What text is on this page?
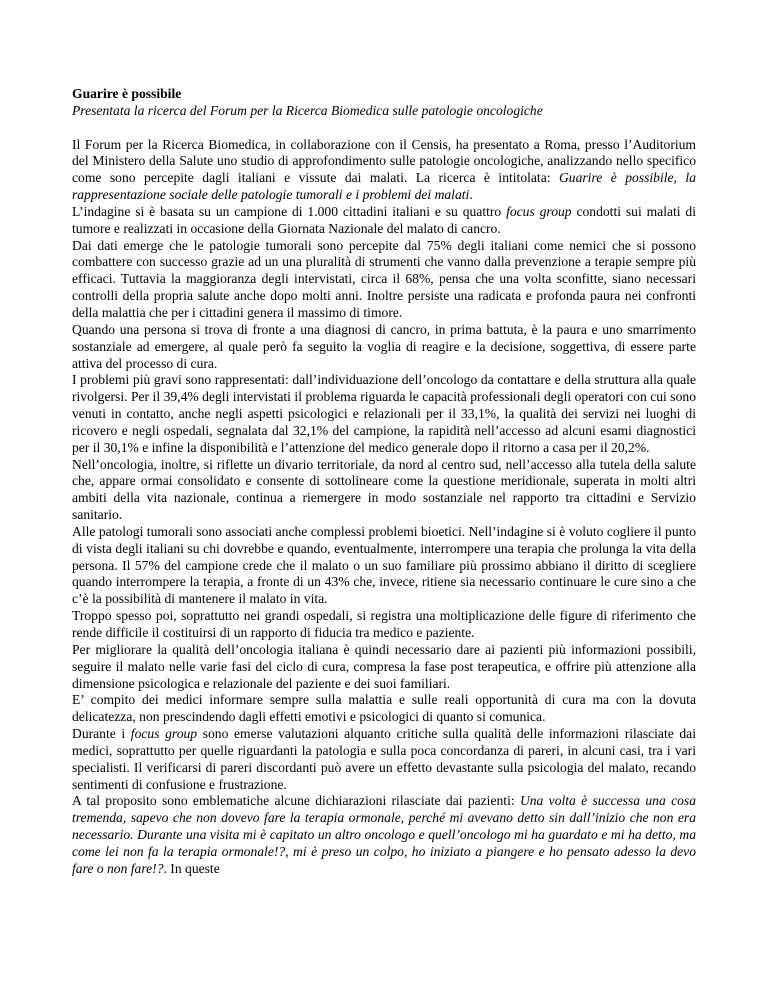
Guarire è possibile

Presentata la ricerca del Forum per la Ricerca Biomedica sulle patologie oncologiche

Il Forum per la Ricerca Biomedica, in collaborazione con il Censis, ha presentato a Roma, presso l’Auditorium del Ministero della Salute uno studio di approfondimento sulle patologie oncologiche, analizzando nello specifico come sono percepite dagli italiani e vissute dai malati. La ricerca è intitolata: Guarire è possibile, la rappresentazione sociale delle patologie tumorali e i problemi dei malati.

L’indagine si è basata su un campione di 1.000 cittadini italiani e su quattro focus group condotti sui malati di tumore e realizzati in occasione della Giornata Nazionale del malato di cancro.

Dai dati emerge che le patologie tumorali sono percepite dal 75% degli italiani come nemici che si possono combattere con successo grazie ad un una pluralità di strumenti che vanno dalla prevenzione a terapie sempre più efficaci. Tuttavia la maggioranza degli intervistati, circa il 68%, pensa che una volta sconfitte, siano necessari controlli della propria salute anche dopo molti anni. Inoltre persiste una radicata e profonda paura nei confronti della malattia che per i cittadini genera il massimo di timore.

Quando una persona si trova di fronte a una diagnosi di cancro, in prima battuta, è la paura e uno smarrimento sostanziale ad emergere, al quale però fa seguito la voglia di reagire e la decisione, soggettiva, di essere parte attiva del processo di cura.

I problemi più gravi sono rappresentati: dall’individuazione dell’oncologo da contattare e della struttura alla quale rivolgersi. Per il 39,4% degli intervistati il problema riguarda le capacità professionali degli operatori con cui sono venuti in contatto, anche negli aspetti psicologici e relazionali per il 33,1%, la qualità dei servizi nei luoghi di ricovero e negli ospedali, segnalata dal 32,1% del campione, la rapidità nell’accesso ad alcuni esami diagnostici per il 30,1% e infine la disponibilità e l’attenzione del medico generale dopo il ritorno a casa per il 20,2%.

Nell’oncologia, inoltre, si riflette un divario territoriale, da nord al centro sud, nell’accesso alla tutela della salute che, appare ormai consolidato e consente di sottolineare come la questione meridionale, superata in molti altri ambiti della vita nazionale, continua a riemergere in modo sostanziale nel rapporto tra cittadini e Servizio sanitario.

Alle patologi tumorali sono associati anche complessi problemi bioetici. Nell’indagine si è voluto cogliere il punto di vista degli italiani su chi dovrebbe e quando, eventualmente, interrompere una terapia che prolunga la vita della persona. Il 57% del campione crede che il malato o un suo familiare più prossimo abbiano il diritto di scegliere quando interrompere la terapia, a fronte di un 43% che, invece, ritiene sia necessario continuare le cure sino a che c’è la possibilità di mantenere il malato in vita.

Troppo spesso poi, soprattutto nei grandi ospedali, si registra una moltiplicazione delle figure di riferimento che rende difficile il costituirsi di un rapporto di fiducia tra medico e paziente.

Per migliorare la qualità dell’oncologia italiana è quindi necessario dare ai pazienti più informazioni possibili, seguire il malato nelle varie fasi del ciclo di cura, compresa la fase post terapeutica, e offrire più attenzione alla dimensione psicologica e relazionale del paziente e dei suoi familiari.

E’ compito dei medici informare sempre sulla malattia e sulle reali opportunità di cura ma con la dovuta delicatezza, non prescindendo dagli effetti emotivi e psicologici di quanto si comunica.

Durante i focus group sono emerse valutazioni alquanto critiche sulla qualità delle informazioni rilasciate dai medici, soprattutto per quelle riguardanti la patologia e sulla poca concordanza di pareri, in alcuni casi, tra i vari specialisti. Il verificarsi di pareri discordanti può avere un effetto devastante sulla psicologia del malato, recando sentimenti di confusione e frustrazione.

A tal proposito sono emblematiche alcune dichiarazioni rilasciate dai pazienti: Una volta è successa una cosa tremenda, sapevo che non dovevo fare la terapia ormonale, perché mi avevano detto sin dall’inizio che non era necessario. Durante una visita mi è capitato un altro oncologo e quell’oncologo mi ha guardato e mi ha detto, ma come lei non fa la terapia ormonale!?, mi è preso un colpo, ho iniziato a piangere e ho pensato adesso la devo fare o non fare!?. In queste
